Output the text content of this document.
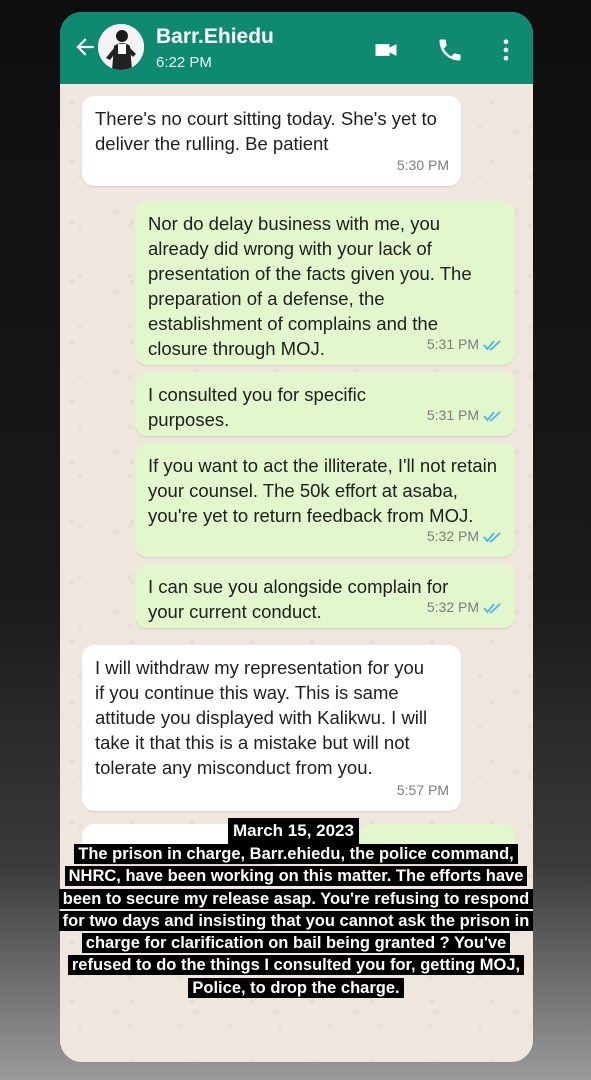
Barr.Ehiedu
6:22 PM
There's no court sitting today. She's yet to deliver the rulling. Be patient
5:30 PM
Nor do delay business with me, you already did wrong with your lack of presentation of the facts given you. The preparation of a defense, the establishment of complains and the closure through MOJ.	5:31 PM
I consulted you for specific purposes.	5:31 PM
If you want to act the illiterate, I'll not retain your counsel. The 50k effort at asaba, you're yet to return feedback from MOJ.
5:32 PM
I can sue you alongside complain for your current conduct.	5:32 PM
I will withdraw my representation for you if you continue this way. This is same attitude you displayed with Kalikwu. I will take it that this is a mistake but will not tolerate any misconduct from you.
5:57 PM
March 15, 2023
The prison in charge, Barr.ehiedu, the police command, NHRC, have been working on this matter. The efforts have been to secure my release asap. You're refusing to respond for two days and insisting that you cannot ask the prison in charge for clarification on bail being granted ? You've refused to do the things I consulted you for, getting MOJ, Police, to drop the charge.
